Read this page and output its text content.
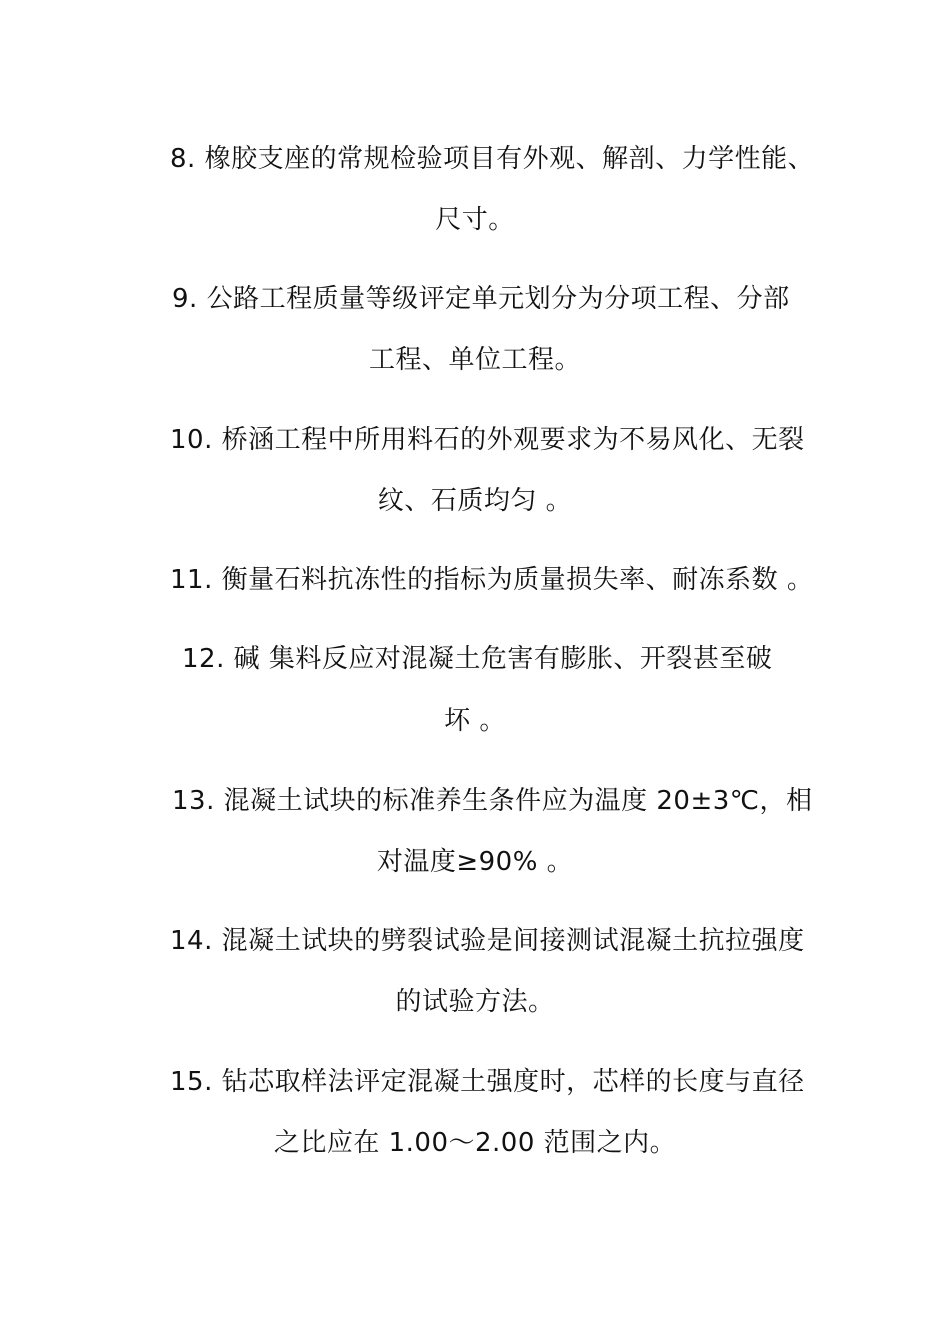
8. 橡胶支座的常规检验项目有外观、解剖、力学性能、
尺寸。
9. 公路工程质量等级评定单元划分为分项工程、分部
工程、单位工程。
10. 桥涵工程中所用料石的外观要求为不易风化、无裂
纹、石质均匀 。
11. 衡量石料抗冻性的指标为质量损失率、耐冻系数 。
12. 碱 集料反应对混凝土危害有膨胀、开裂甚至破
坏 。
13. 混凝土试块的标准养生条件应为温度 20±3℃，相
对温度≥90% 。
14. 混凝土试块的劈裂试验是间接测试混凝土抗拉强度
的试验方法。
15. 钻芯取样法评定混凝土强度时，芯样的长度与直径
之比应在 1.00～2.00 范围之内。
